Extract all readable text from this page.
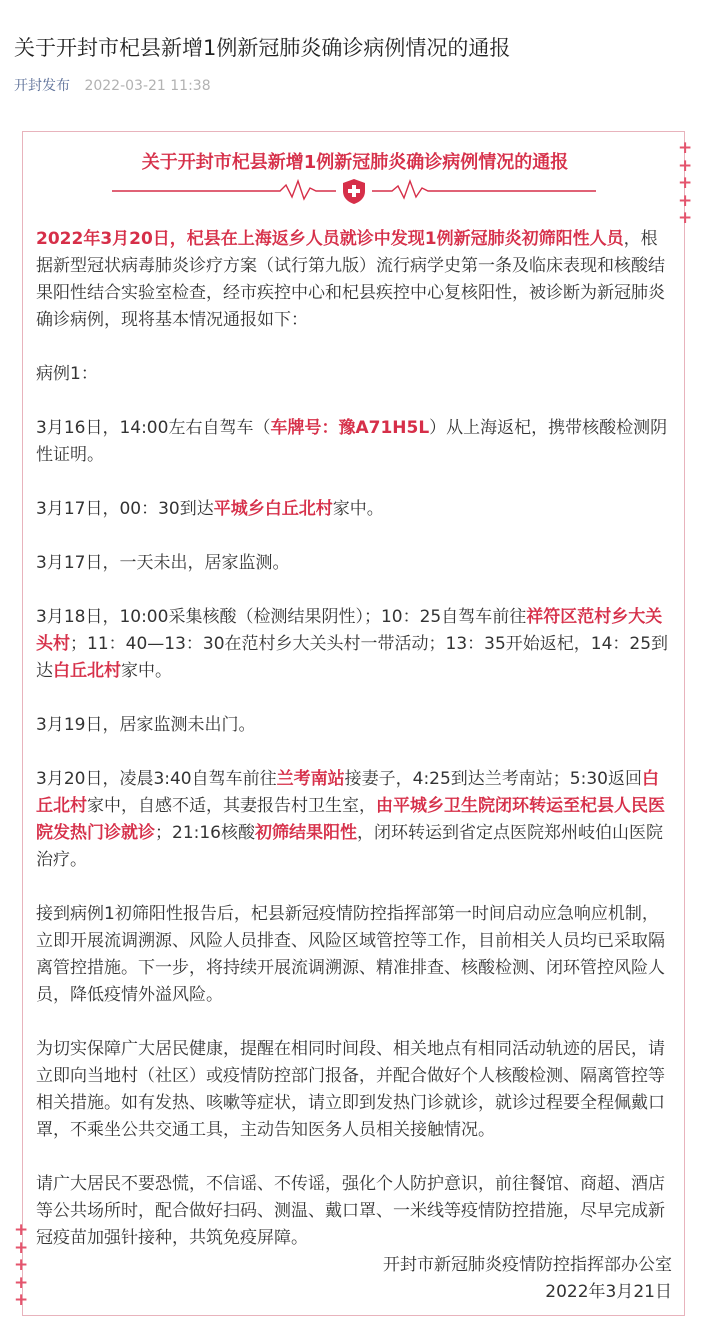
关于开封市杞县新增1例新冠肺炎确诊病例情况的通报
开封发布 2022-03-21 11:38
+
+
+
+
+
+
+
+
+
+
关于开封市杞县新增1例新冠肺炎确诊病例情况的通报

2022年3月20日，杞县在上海返乡人员就诊中发现1例新冠肺炎初筛阳性人员，根据新型冠状病毒肺炎诊疗方案（试行第九版）流行病学史第一条及临床表现和核酸结果阳性结合实验室检查，经市疾控中心和杞县疾控中心复核阳性，被诊断为新冠肺炎确诊病例，现将基本情况通报如下：

病例1：

3月16日，14:00左右自驾车（车牌号：豫A71H5L）从上海返杞，携带核酸检测阴性证明。

3月17日，00：30到达平城乡白丘北村家中。

3月17日，一天未出，居家监测。

3月18日，10:00采集核酸（检测结果阴性）；10：25自驾车前往祥符区范村乡大关头村；11：40—13：30在范村乡大关头村一带活动；13：35开始返杞，14：25到达白丘北村家中。

3月19日，居家监测未出门。

3月20日，凌晨3:40自驾车前往兰考南站接妻子，4:25到达兰考南站；5:30返回白丘北村家中，自感不适，其妻报告村卫生室，由平城乡卫生院闭环转运至杞县人民医院发热门诊就诊；21:16核酸初筛结果阳性，闭环转运到省定点医院郑州岐伯山医院治疗。

接到病例1初筛阳性报告后，杞县新冠疫情防控指挥部第一时间启动应急响应机制，立即开展流调溯源、风险人员排查、风险区域管控等工作，目前相关人员均已采取隔离管控措施。下一步，将持续开展流调溯源、精准排查、核酸检测、闭环管控风险人员，降低疫情外溢风险。

为切实保障广大居民健康，提醒在相同时间段、相关地点有相同活动轨迹的居民，请立即向当地村（社区）或疫情防控部门报备，并配合做好个人核酸检测、隔离管控等相关措施。如有发热、咳嗽等症状，请立即到发热门诊就诊，就诊过程要全程佩戴口罩，不乘坐公共交通工具，主动告知医务人员相关接触情况。

请广大居民不要恐慌，不信谣、不传谣，强化个人防护意识，前往餐馆、商超、酒店等公共场所时，配合做好扫码、测温、戴口罩、一米线等疫情防控措施，尽早完成新冠疫苗加强针接种，共筑免疫屏障。

开封市新冠肺炎疫情防控指挥部办公室
2022年3月21日
